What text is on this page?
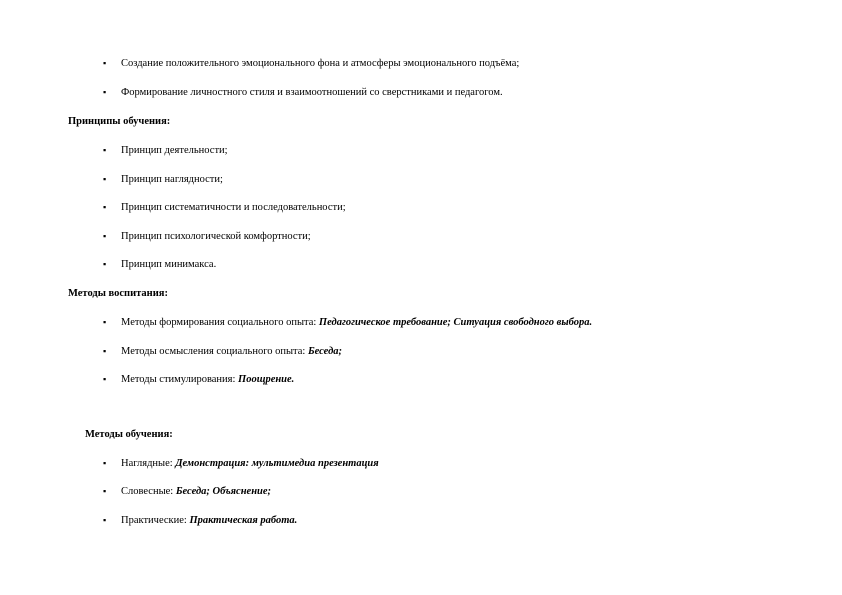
▪ Создание положительного эмоционального фона и атмосферы эмоционального подъёма;
▪ Формирование личностного стиля и взаимоотношений со сверстниками и педагогом.
Принципы обучения:
▪ Принцип деятельности;
▪ Принцип наглядности;
▪ Принцип систематичности и последовательности;
▪ Принцип психологической комфортности;
▪ Принцип минимакса.
Методы воспитания:
▪ Методы формирования социального опыта: Педагогическое требование; Ситуация свободного выбора.
▪ Методы осмысления социального опыта: Беседа;
▪ Методы стимулирования: Поощрение.
Методы обучения:
▪ Наглядные: Демонстрация: мультимедиа презентация
▪ Словесные: Беседа; Объяснение;
▪ Практические: Практическая работа.
